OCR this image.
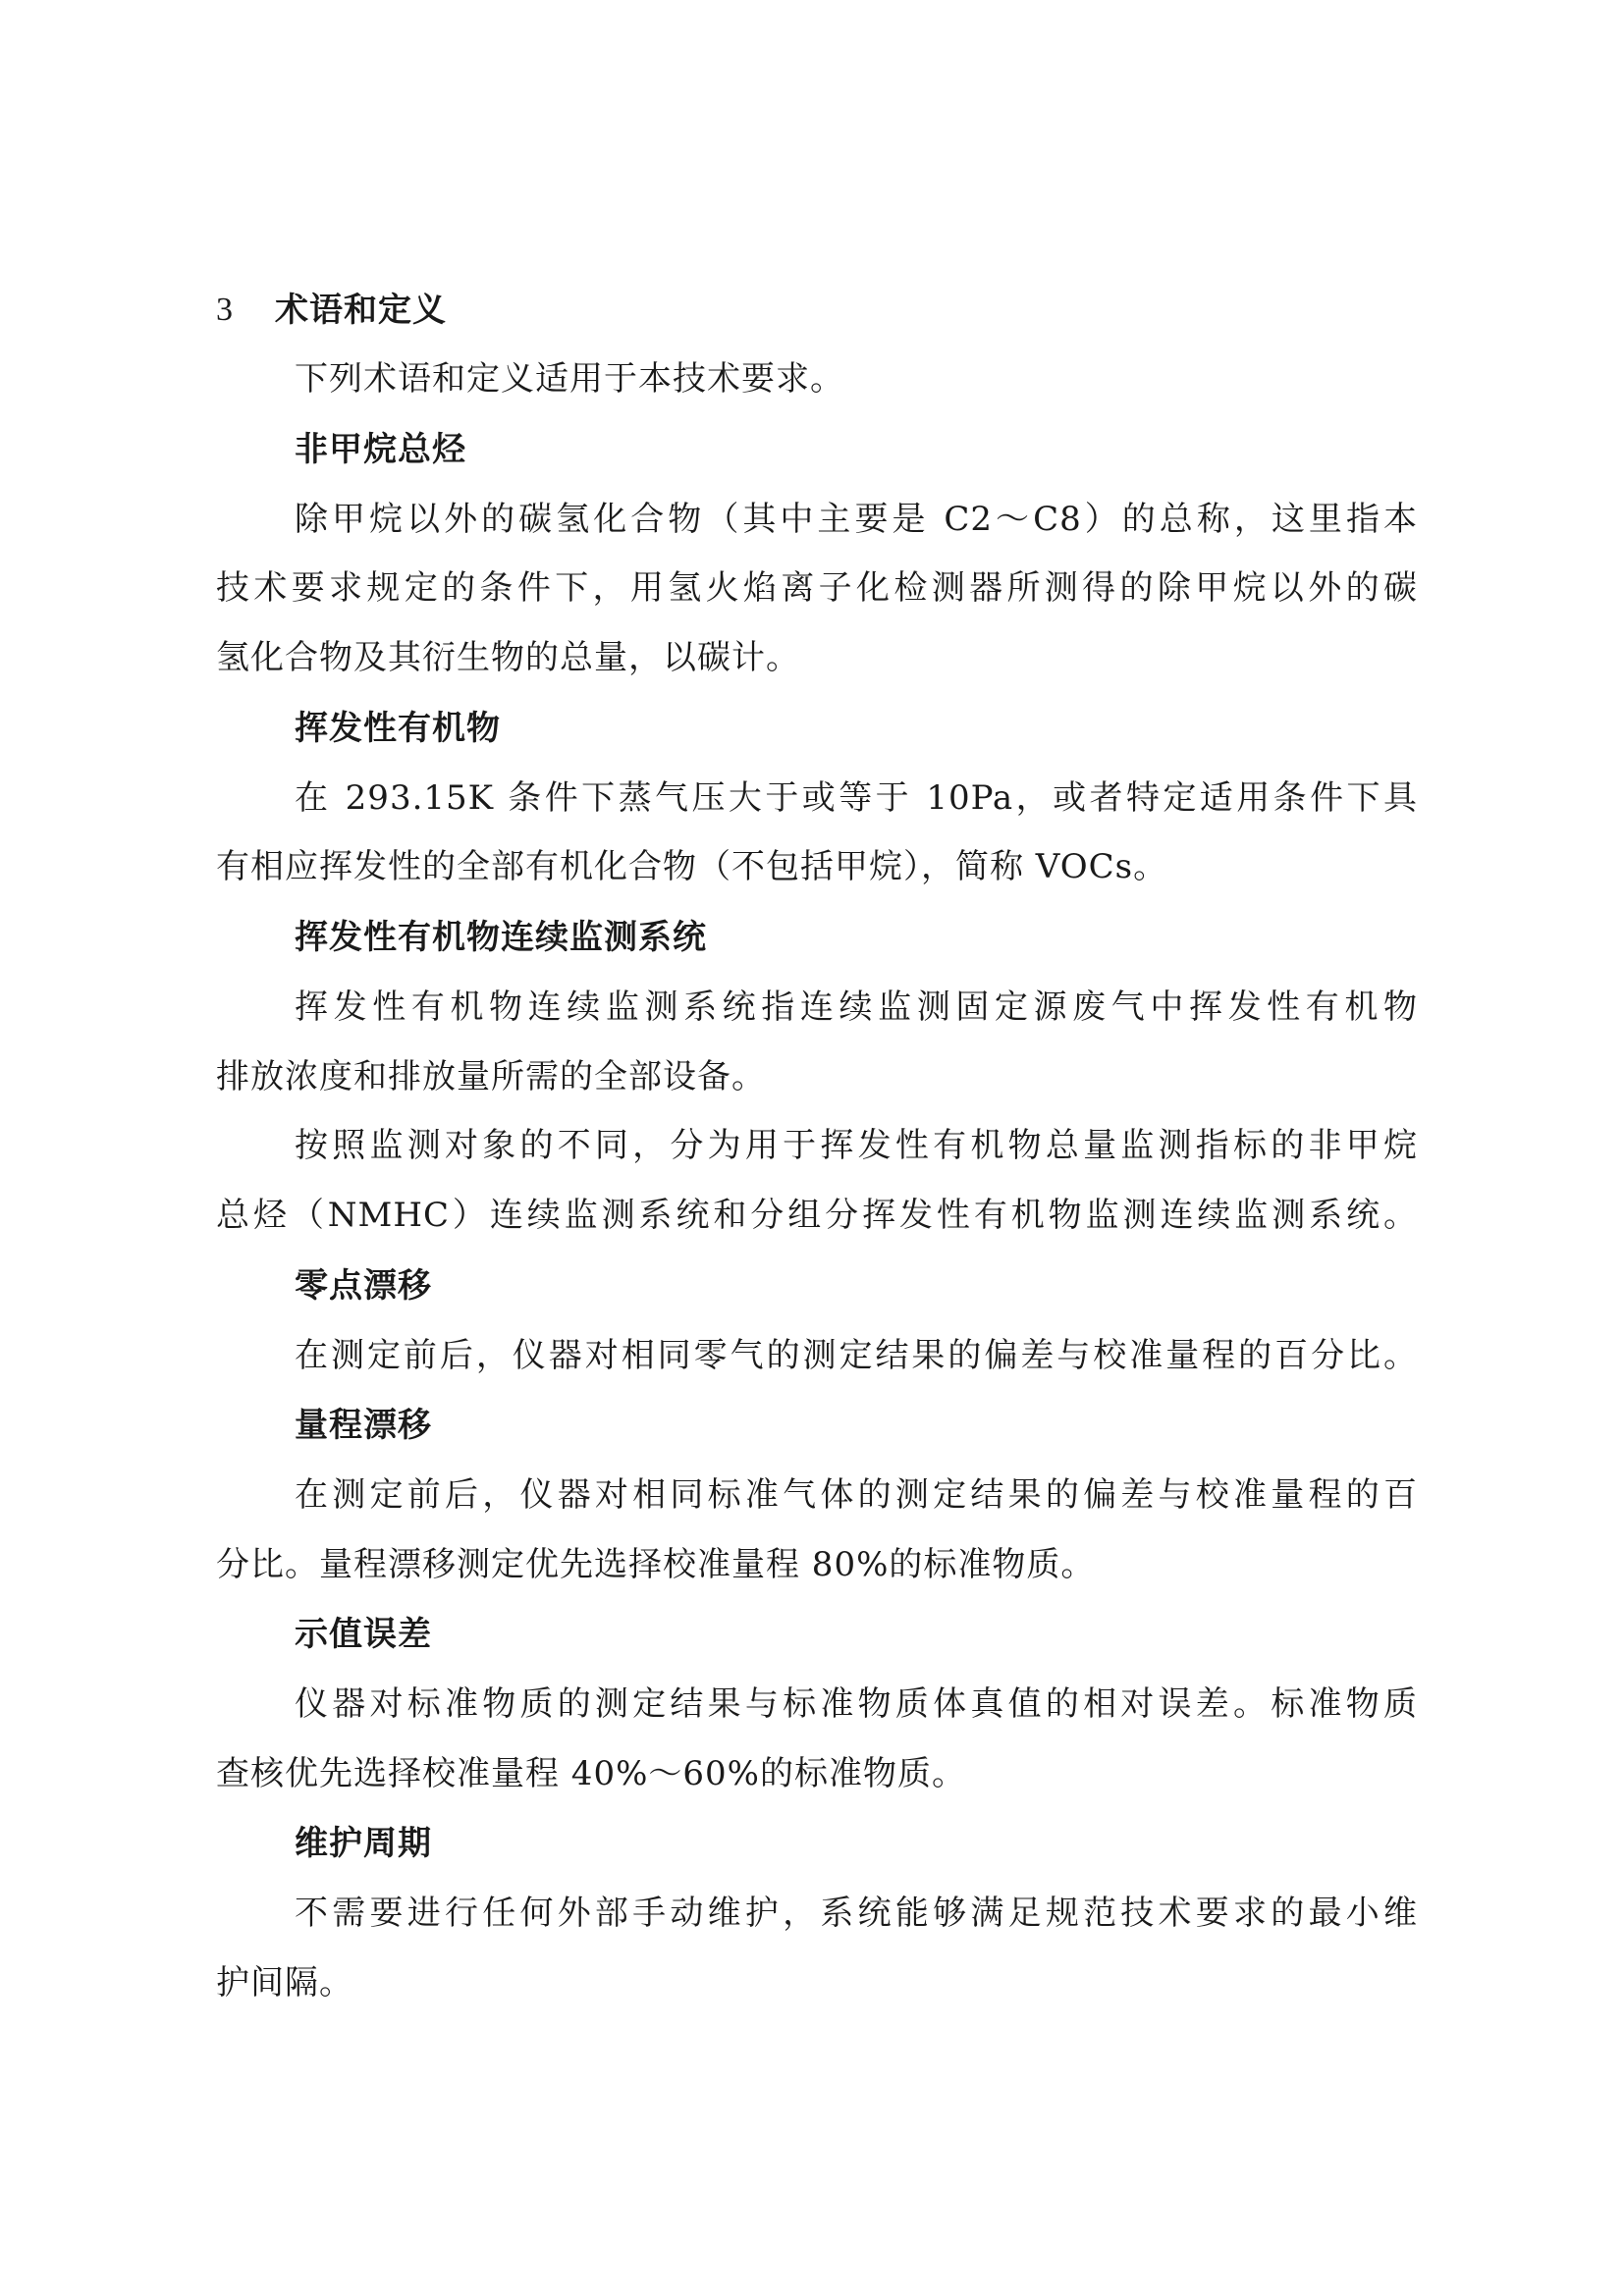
3 术语和定义
下列术语和定义适用于本技术要求。
非甲烷总烃
除甲烷以外的碳氢化合物（其中主要是 C2～C8）的总称，这里指本
技术要求规定的条件下，用氢火焰离子化检测器所测得的除甲烷以外的碳
氢化合物及其衍生物的总量，以碳计。
挥发性有机物
在 293.15K 条件下蒸气压大于或等于 10Pa，或者特定适用条件下具
有相应挥发性的全部有机化合物（不包括甲烷），简称 VOCs。
挥发性有机物连续监测系统
挥发性有机物连续监测系统指连续监测固定源废气中挥发性有机物
排放浓度和排放量所需的全部设备。
按照监测对象的不同，分为用于挥发性有机物总量监测指标的非甲烷
总烃（NMHC）连续监测系统和分组分挥发性有机物监测连续监测系统。
零点漂移
在测定前后，仪器对相同零气的测定结果的偏差与校准量程的百分比。
量程漂移
在测定前后，仪器对相同标准气体的测定结果的偏差与校准量程的百
分比。量程漂移测定优先选择校准量程 80%的标准物质。
示值误差
仪器对标准物质的测定结果与标准物质体真值的相对误差。标准物质
查核优先选择校准量程 40%～60%的标准物质。
维护周期
不需要进行任何外部手动维护，系统能够满足规范技术要求的最小维
护间隔。
